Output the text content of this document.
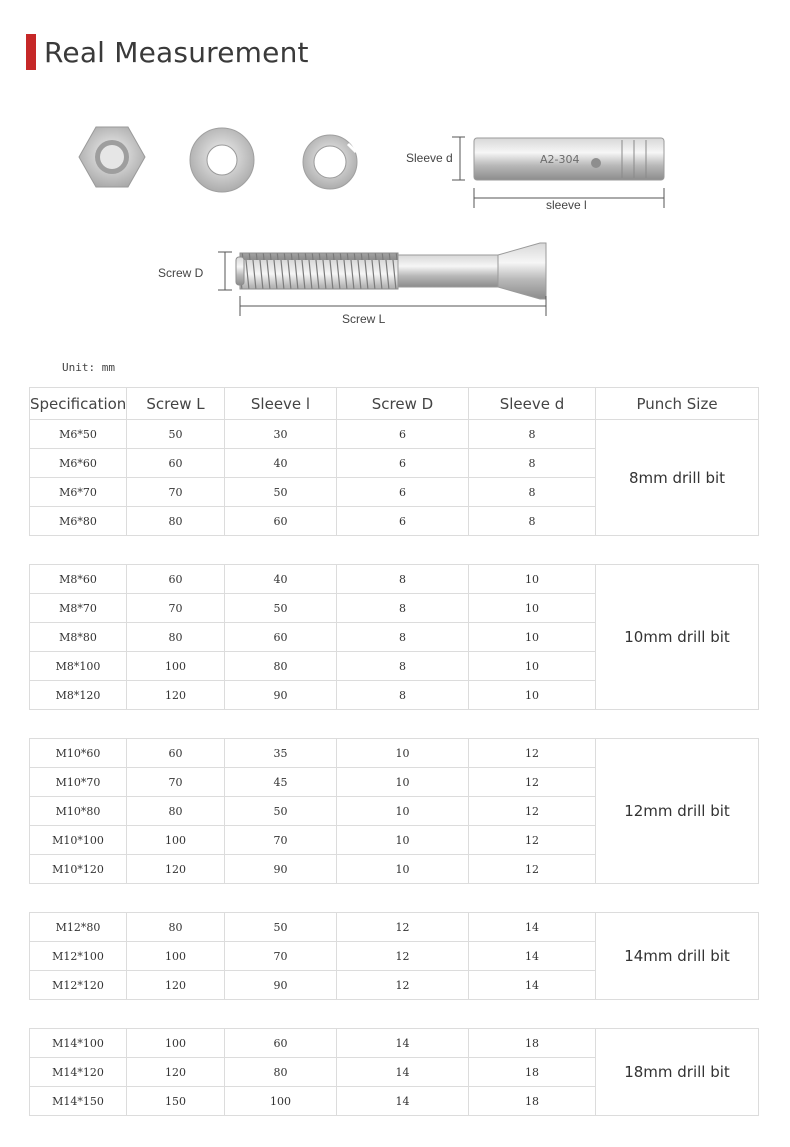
Real Measurement
A2-304
Sleeve d
sleeve l
Screw D
Screw L
Unit: mm
Specification	Screw L	Sleeve l	Screw D	Sleeve d	Punch Size
M6*50	50	30	6	8	8mm drill bit
M6*60	60	40	6	8	
M6*70	70	50	6	8	
M6*80	80	60	6	8	

M8*60	60	40	8	10	10mm drill bit
M8*70	70	50	8	10	
M8*80	80	60	8	10	
M8*100	100	80	8	10	
M8*120	120	90	8	10	

M10*60	60	35	10	12	12mm drill bit
M10*70	70	45	10	12	
M10*80	80	50	10	12	
M10*100	100	70	10	12	
M10*120	120	90	10	12	

M12*80	80	50	12	14	14mm drill bit
M12*100	100	70	12	14	
M12*120	120	90	12	14	

M14*100	100	60	14	18	18mm drill bit
M14*120	120	80	14	18	
M14*150	150	100	14	18	
